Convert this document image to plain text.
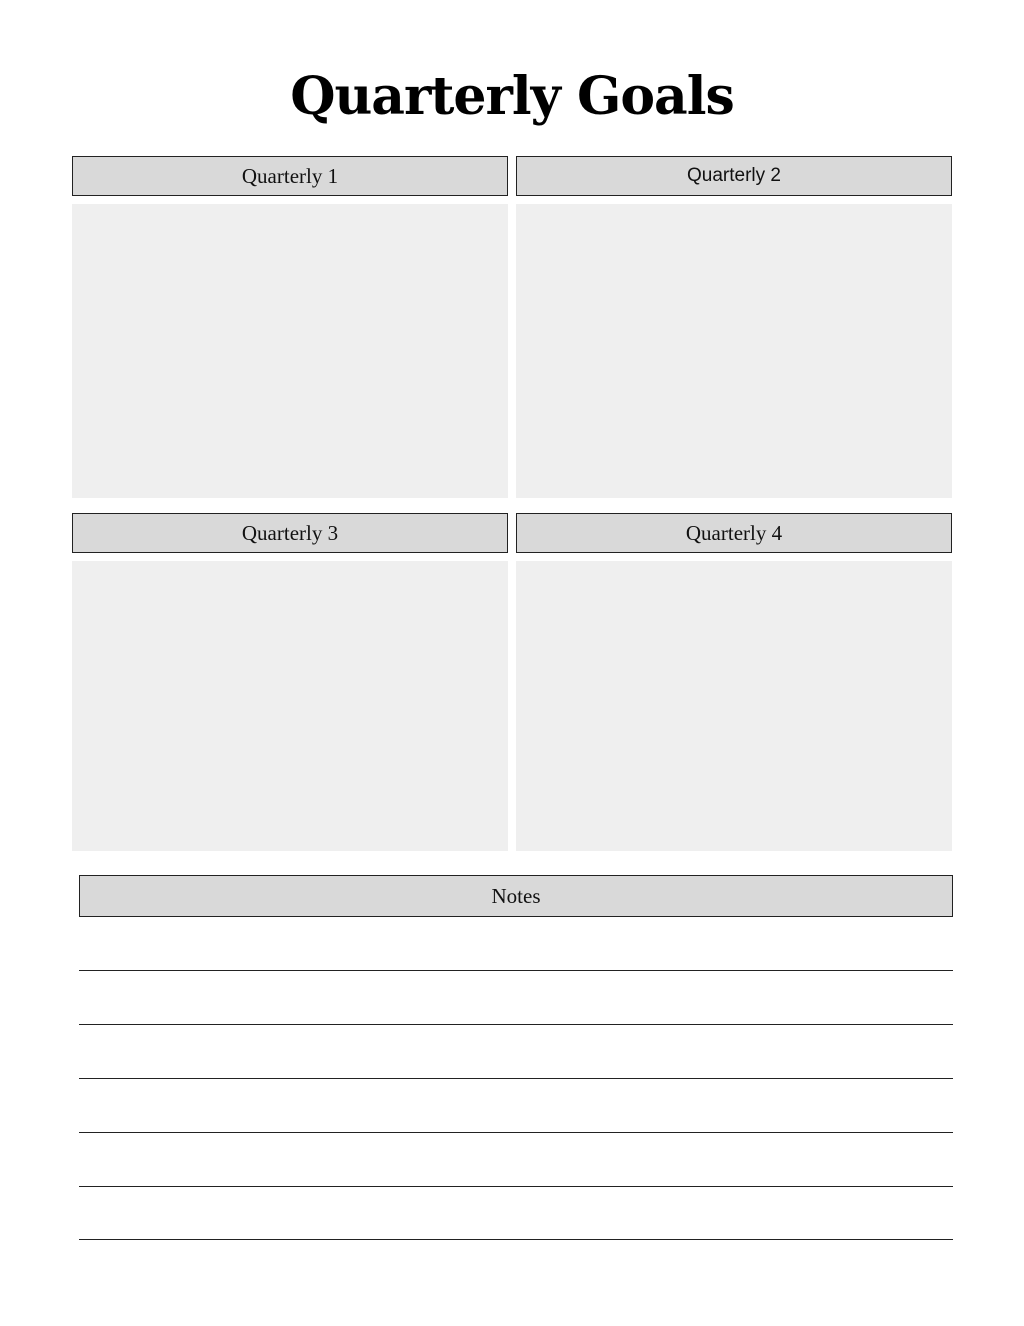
Quarterly Goals
Quarterly 1	Quarterly 2
Quarterly 3	Quarterly 4
Notes
